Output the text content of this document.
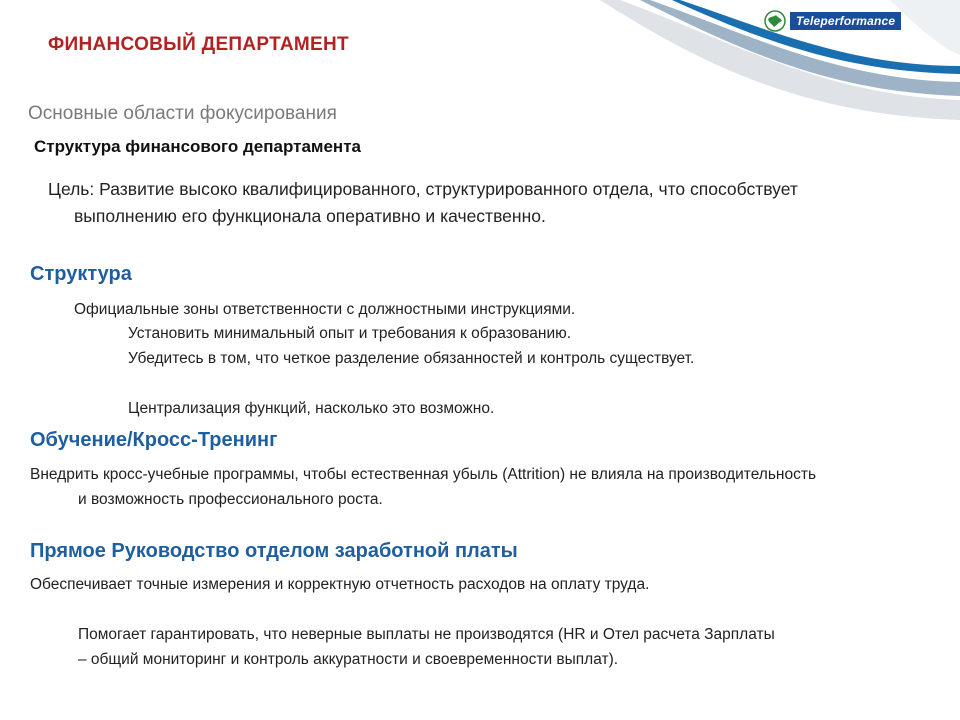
Teleperformance
ФИНАНСОВЫЙ ДЕПАРТАМЕНТ
Основные области фокусирования
Структура финансового департамента
Цель: Развитие высоко квалифицированного, структурированного отдела, что способствует выполнению его функционала оперативно и качественно.
Структура
Официальные зоны ответственности с должностными инструкциями.
Установить минимальный опыт и требования к образованию.
Убедитесь в том, что четкое разделение обязанностей и контроль существует.
Централизация функций, насколько это возможно.
Обучение/Кросс-Тренинг
Внедрить кросс-учебные программы, чтобы естественная убыль (Attrition) не влияла на производительность и возможность профессионального роста.
Прямое Руководство отделом заработной платы
Обеспечивает точные измерения и корректную отчетность расходов на оплату труда.
Помогает гарантировать, что неверные выплаты не производятся (HR и Отел расчета Зарплаты – общий мониторинг и контроль аккуратности и своевременности выплат).
